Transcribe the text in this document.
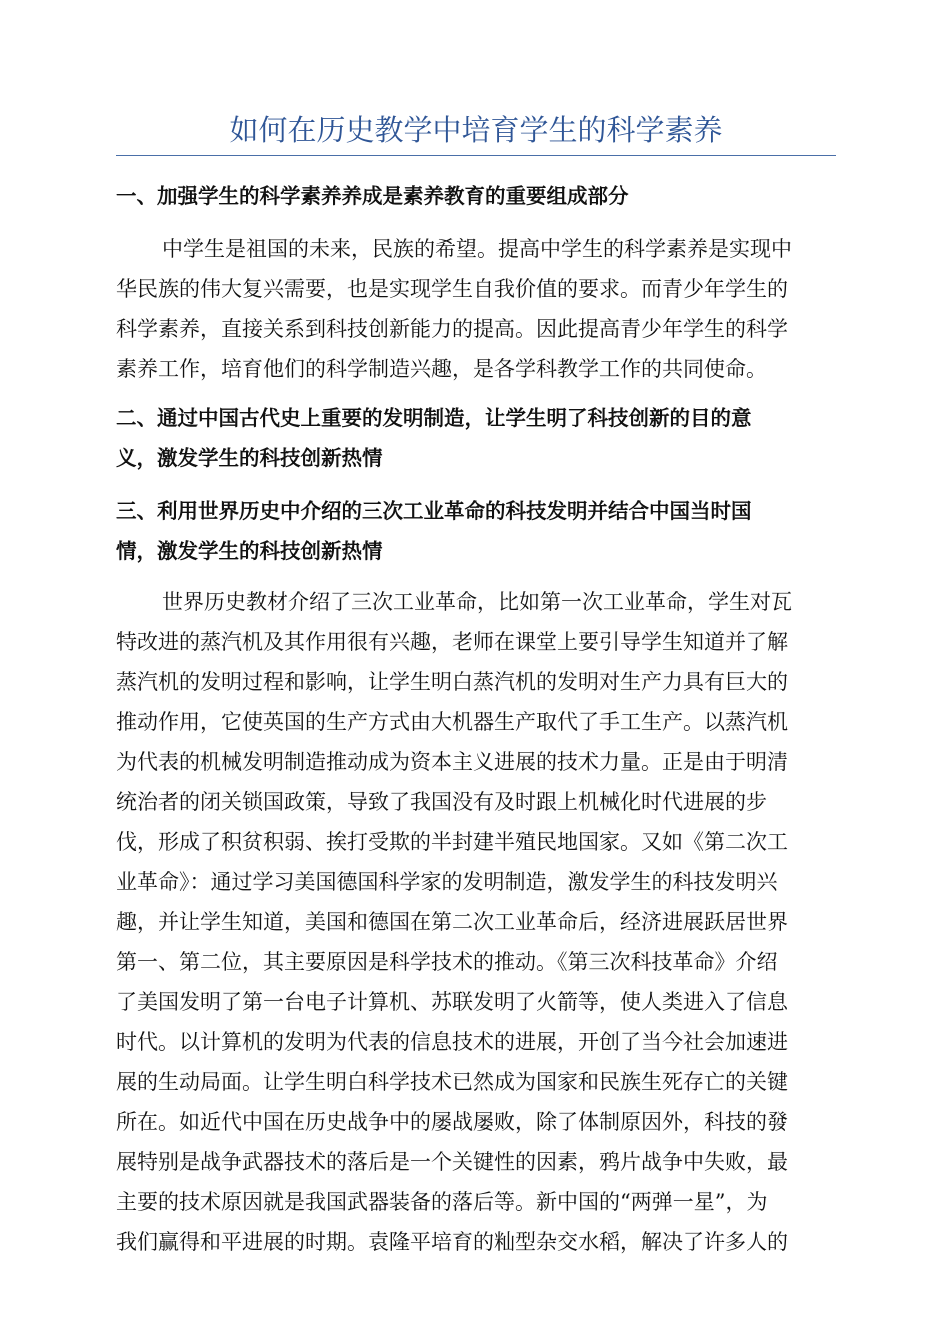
如何在历史教学中培育学生的科学素养
一、加强学生的科学素养养成是素养教育的重要组成部分
中学生是祖国的未来，民族的希望。提高中学生的科学素养是实现中
华民族的伟大复兴需要，也是实现学生自我价值的要求。而青少年学生的
科学素养，直接关系到科技创新能力的提高。因此提高青少年学生的科学
素养工作，培育他们的科学制造兴趣，是各学科教学工作的共同使命。
二、通过中国古代史上重要的发明制造，让学生明了科技创新的目的意
义，激发学生的科技创新热情
三、利用世界历史中介绍的三次工业革命的科技发明并结合中国当时国
情，激发学生的科技创新热情
世界历史教材介绍了三次工业革命，比如第一次工业革命，学生对瓦
特改进的蒸汽机及其作用很有兴趣，老师在课堂上要引导学生知道并了解
蒸汽机的发明过程和影响，让学生明白蒸汽机的发明对生产力具有巨大的
推动作用，它使英国的生产方式由大机器生产取代了手工生产。以蒸汽机
为代表的机械发明制造推动成为资本主义进展的技术力量。正是由于明清
统治者的闭关锁国政策，导致了我国没有及时跟上机械化时代进展的步
伐，形成了积贫积弱、挨打受欺的半封建半殖民地国家。又如《第二次工
业革命》：通过学习美国德国科学家的发明制造，激发学生的科技发明兴
趣，并让学生知道，美国和德国在第二次工业革命后，经济进展跃居世界
第一、第二位，其主要原因是科学技术的推动。《第三次科技革命》介绍
了美国发明了第一台电子计算机、苏联发明了火箭等，使人类进入了信息
时代。以计算机的发明为代表的信息技术的进展，开创了当今社会加速进
展的生动局面。让学生明白科学技术已然成为国家和民族生死存亡的关键
所在。如近代中国在历史战争中的屡战屡败，除了体制原因外，科技的發
展特别是战争武器技术的落后是一个关键性的因素，鸦片战争中失败，最
主要的技术原因就是我国武器装备的落后等。新中国的“两弹一星”，为
我们赢得和平进展的时期。袁隆平培育的籼型杂交水稻，解决了许多人的
